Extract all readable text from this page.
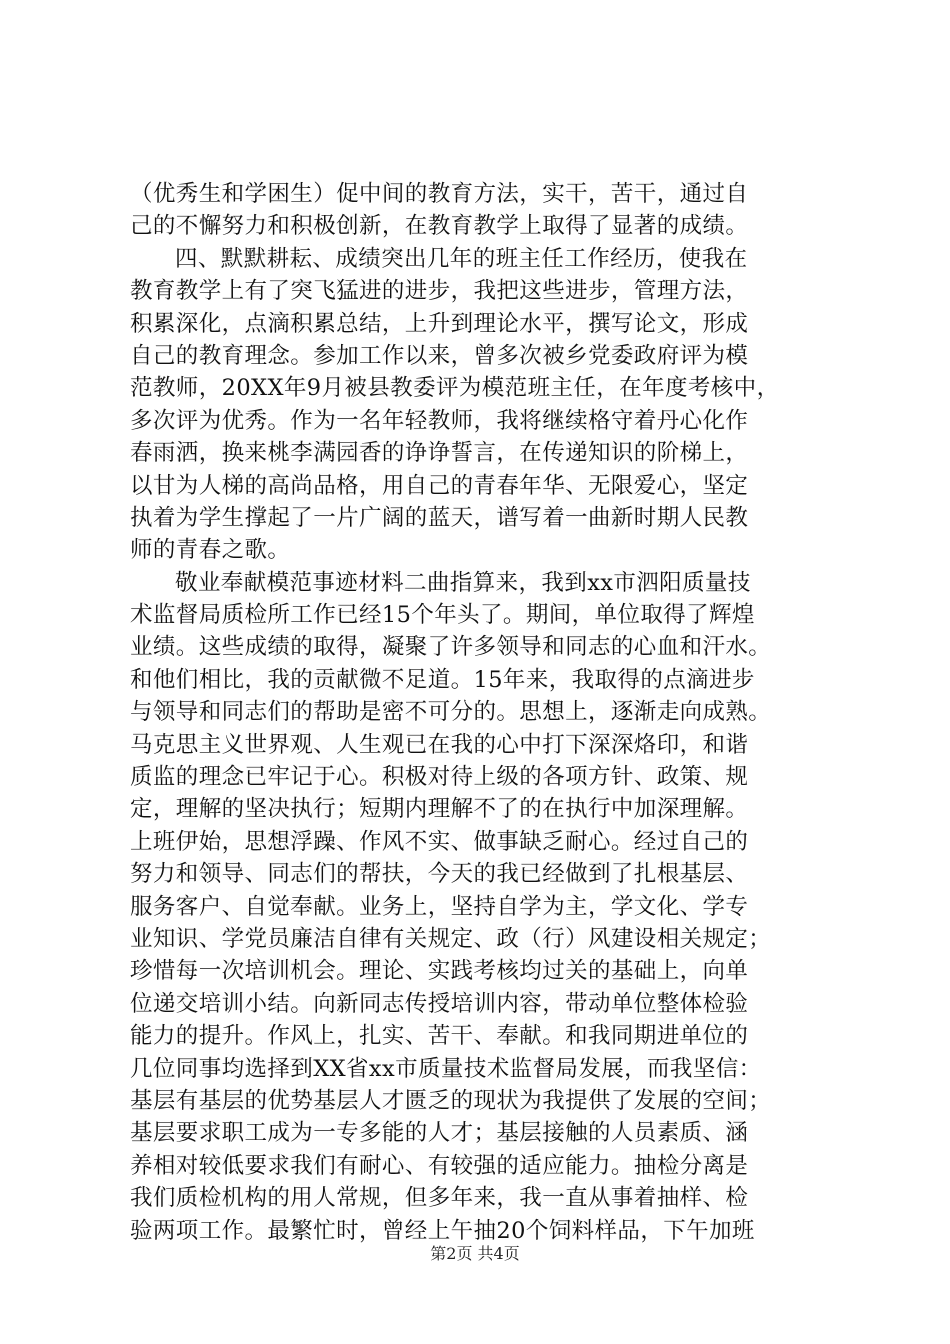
（优秀生和学困生）促中间的教育方法，实干，苦干，通过自
己的不懈努力和积极创新，在教育教学上取得了显著的成绩。
四、默默耕耘、成绩突出几年的班主任工作经历，使我在
教育教学上有了突飞猛进的进步，我把这些进步，管理方法，
积累深化，点滴积累总结，上升到理论水平，撰写论文，形成
自己的教育理念。参加工作以来，曾多次被乡党委政府评为模
范教师，20XX年9月被县教委评为模范班主任，在年度考核中，
多次评为优秀。作为一名年轻教师，我将继续格守着丹心化作
春雨洒，换来桃李满园香的诤诤誓言，在传递知识的阶梯上，
以甘为人梯的高尚品格，用自己的青春年华、无限爱心，坚定
执着为学生撑起了一片广阔的蓝天，谱写着一曲新时期人民教
师的青春之歌。
敬业奉献模范事迹材料二曲指算来，我到xx市泗阳质量技
术监督局质检所工作已经15个年头了。期间，单位取得了辉煌
业绩。这些成绩的取得，凝聚了许多领导和同志的心血和汗水。
和他们相比，我的贡献微不足道。15年来，我取得的点滴进步
与领导和同志们的帮助是密不可分的。思想上，逐渐走向成熟。
马克思主义世界观、人生观已在我的心中打下深深烙印，和谐
质监的理念已牢记于心。积极对待上级的各项方针、政策、规
定，理解的坚决执行；短期内理解不了的在执行中加深理解。
上班伊始，思想浮躁、作风不实、做事缺乏耐心。经过自己的
努力和领导、同志们的帮扶，今天的我已经做到了扎根基层、
服务客户、自觉奉献。业务上，坚持自学为主，学文化、学专
业知识、学党员廉洁自律有关规定、政（行）风建设相关规定；
珍惜每一次培训机会。理论、实践考核均过关的基础上，向单
位递交培训小结。向新同志传授培训内容，带动单位整体检验
能力的提升。作风上，扎实、苦干、奉献。和我同期进单位的
几位同事均选择到XX省xx市质量技术监督局发展，而我坚信：
基层有基层的优势基层人才匮乏的现状为我提供了发展的空间；
基层要求职工成为一专多能的人才；基层接触的人员素质、涵
养相对较低要求我们有耐心、有较强的适应能力。抽检分离是
我们质检机构的用人常规，但多年来，我一直从事着抽样、检
验两项工作。最繁忙时，曾经上午抽20个饲料样品，下午加班
第2页 共4页
